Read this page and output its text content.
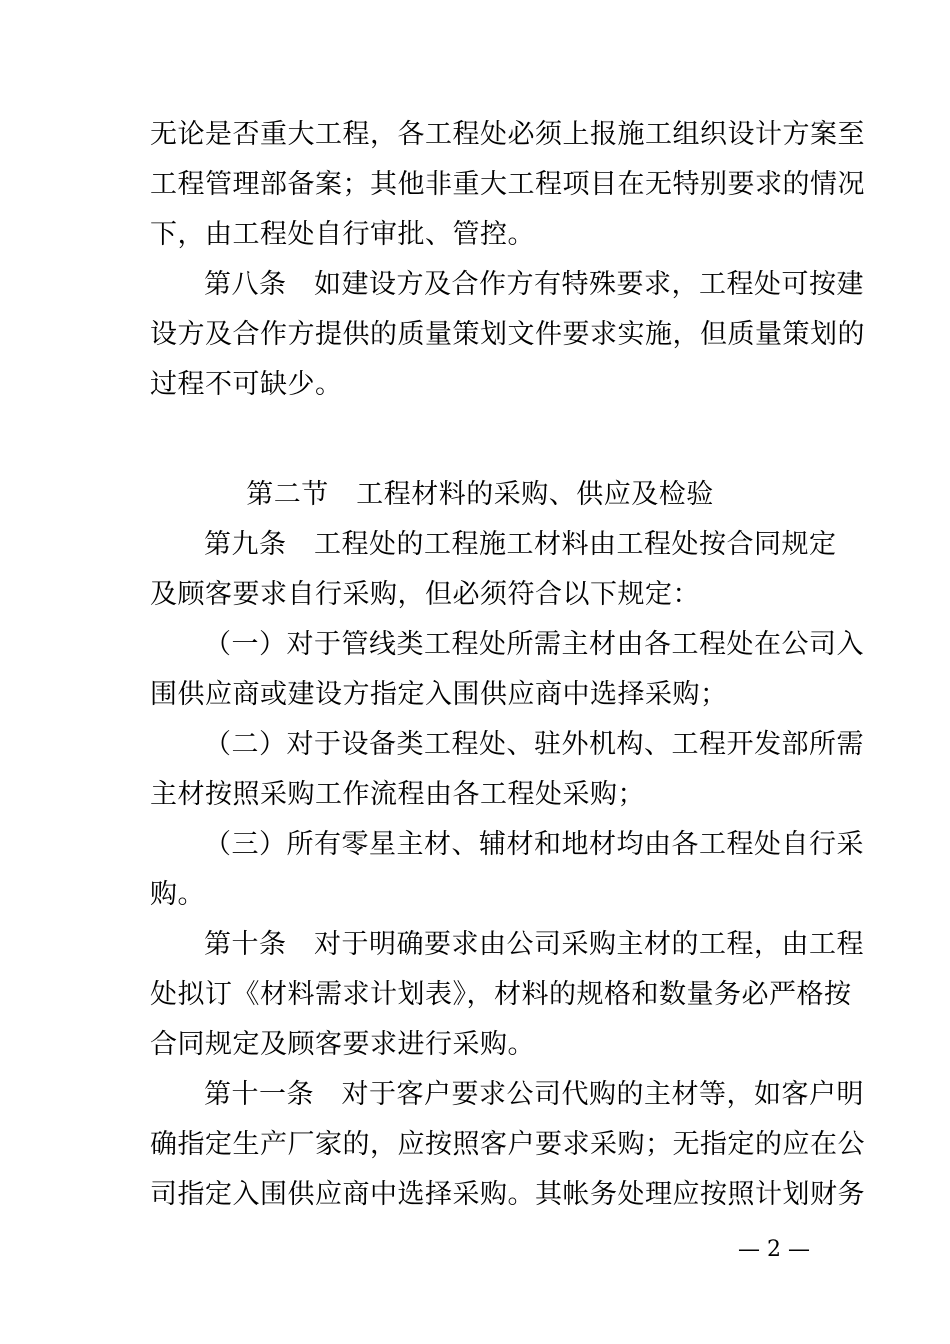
无论是否重大工程，各工程处必须上报施工组织设计方案至
工程管理部备案；其他非重大工程项目在无特别要求的情况
下，由工程处自行审批、管控。
第八条　如建设方及合作方有特殊要求，工程处可按建
设方及合作方提供的质量策划文件要求实施，但质量策划的
过程不可缺少。
第二节　工程材料的采购、供应及检验
第九条　工程处的工程施工材料由工程处按合同规定
及顾客要求自行采购，但必须符合以下规定：
（一）对于管线类工程处所需主材由各工程处在公司入
围供应商或建设方指定入围供应商中选择采购；
（二）对于设备类工程处、驻外机构、工程开发部所需
主材按照采购工作流程由各工程处采购；
（三）所有零星主材、辅材和地材均由各工程处自行采
购。
第十条　对于明确要求由公司采购主材的工程，由工程
处拟订《材料需求计划表》，材料的规格和数量务必严格按
合同规定及顾客要求进行采购。
第十一条　对于客户要求公司代购的主材等，如客户明
确指定生产厂家的，应按照客户要求采购；无指定的应在公
司指定入围供应商中选择采购。其帐务处理应按照计划财务
— 2 —
